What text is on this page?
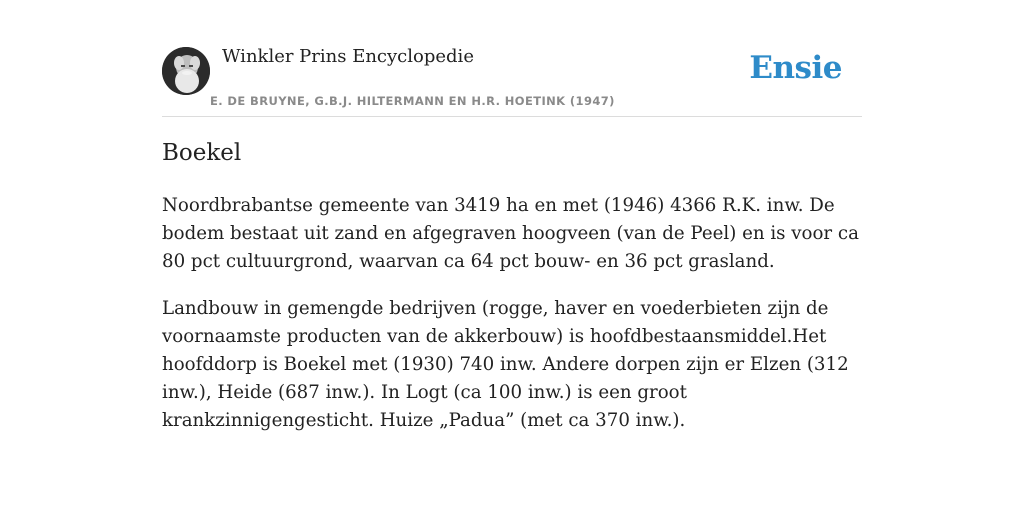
Winkler Prins Encyclopedie
E. DE BRUYNE, G.B.J. HILTERMANN EN H.R. HOETINK (1947)
Ensie
Boekel

Noordbrabantse gemeente van 3419 ha en met (1946) 4366 R.K. inw. De bodem bestaat uit zand en afgegraven hoogveen (van de Peel) en is voor ca 80 pct cultuurgrond, waarvan ca 64 pct bouw- en 36 pct grasland.

Landbouw in gemengde bedrijven (rogge, haver en voederbieten zijn de voornaamste producten van de akkerbouw) is hoofdbestaansmiddel.Het hoofddorp is Boekel met (1930) 740 inw. Andere dorpen zijn er Elzen (312 inw.), Heide (687 inw.). In Logt (ca 100 inw.) is een groot krankzinnigengesticht. Huize „Padua” (met ca 370 inw.).
